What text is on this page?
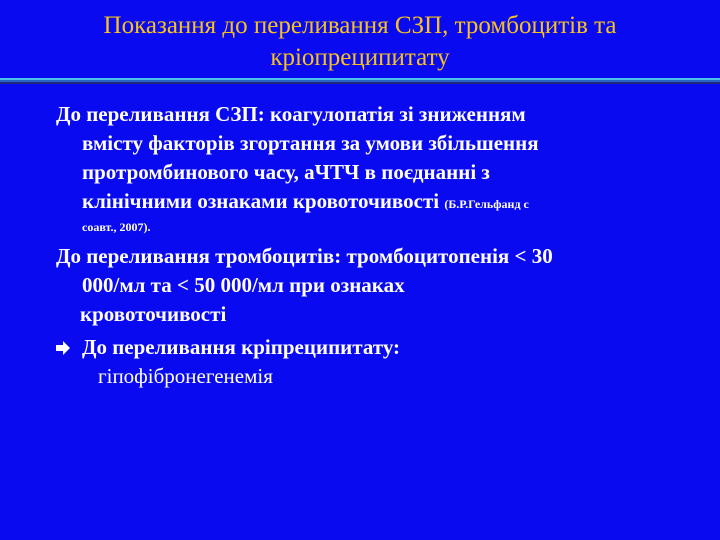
Показання до переливання СЗП, тромбоцитів та
кріопреципитату
До переливання СЗП: коагулопатія зі зниженням
вмісту факторів згортання за умови збільшення
протромбинового часу, аЧТЧ в поєднанні з
клінічними ознаками кровоточивості (Б.Р.Гельфанд с
соавт., 2007).
До переливання тромбоцитів: тромбоцитопенія < 30
000/мл та < 50 000/мл при ознаках
кровоточивості
До переливання кріпреципитату:
гіпофібронегенемія
